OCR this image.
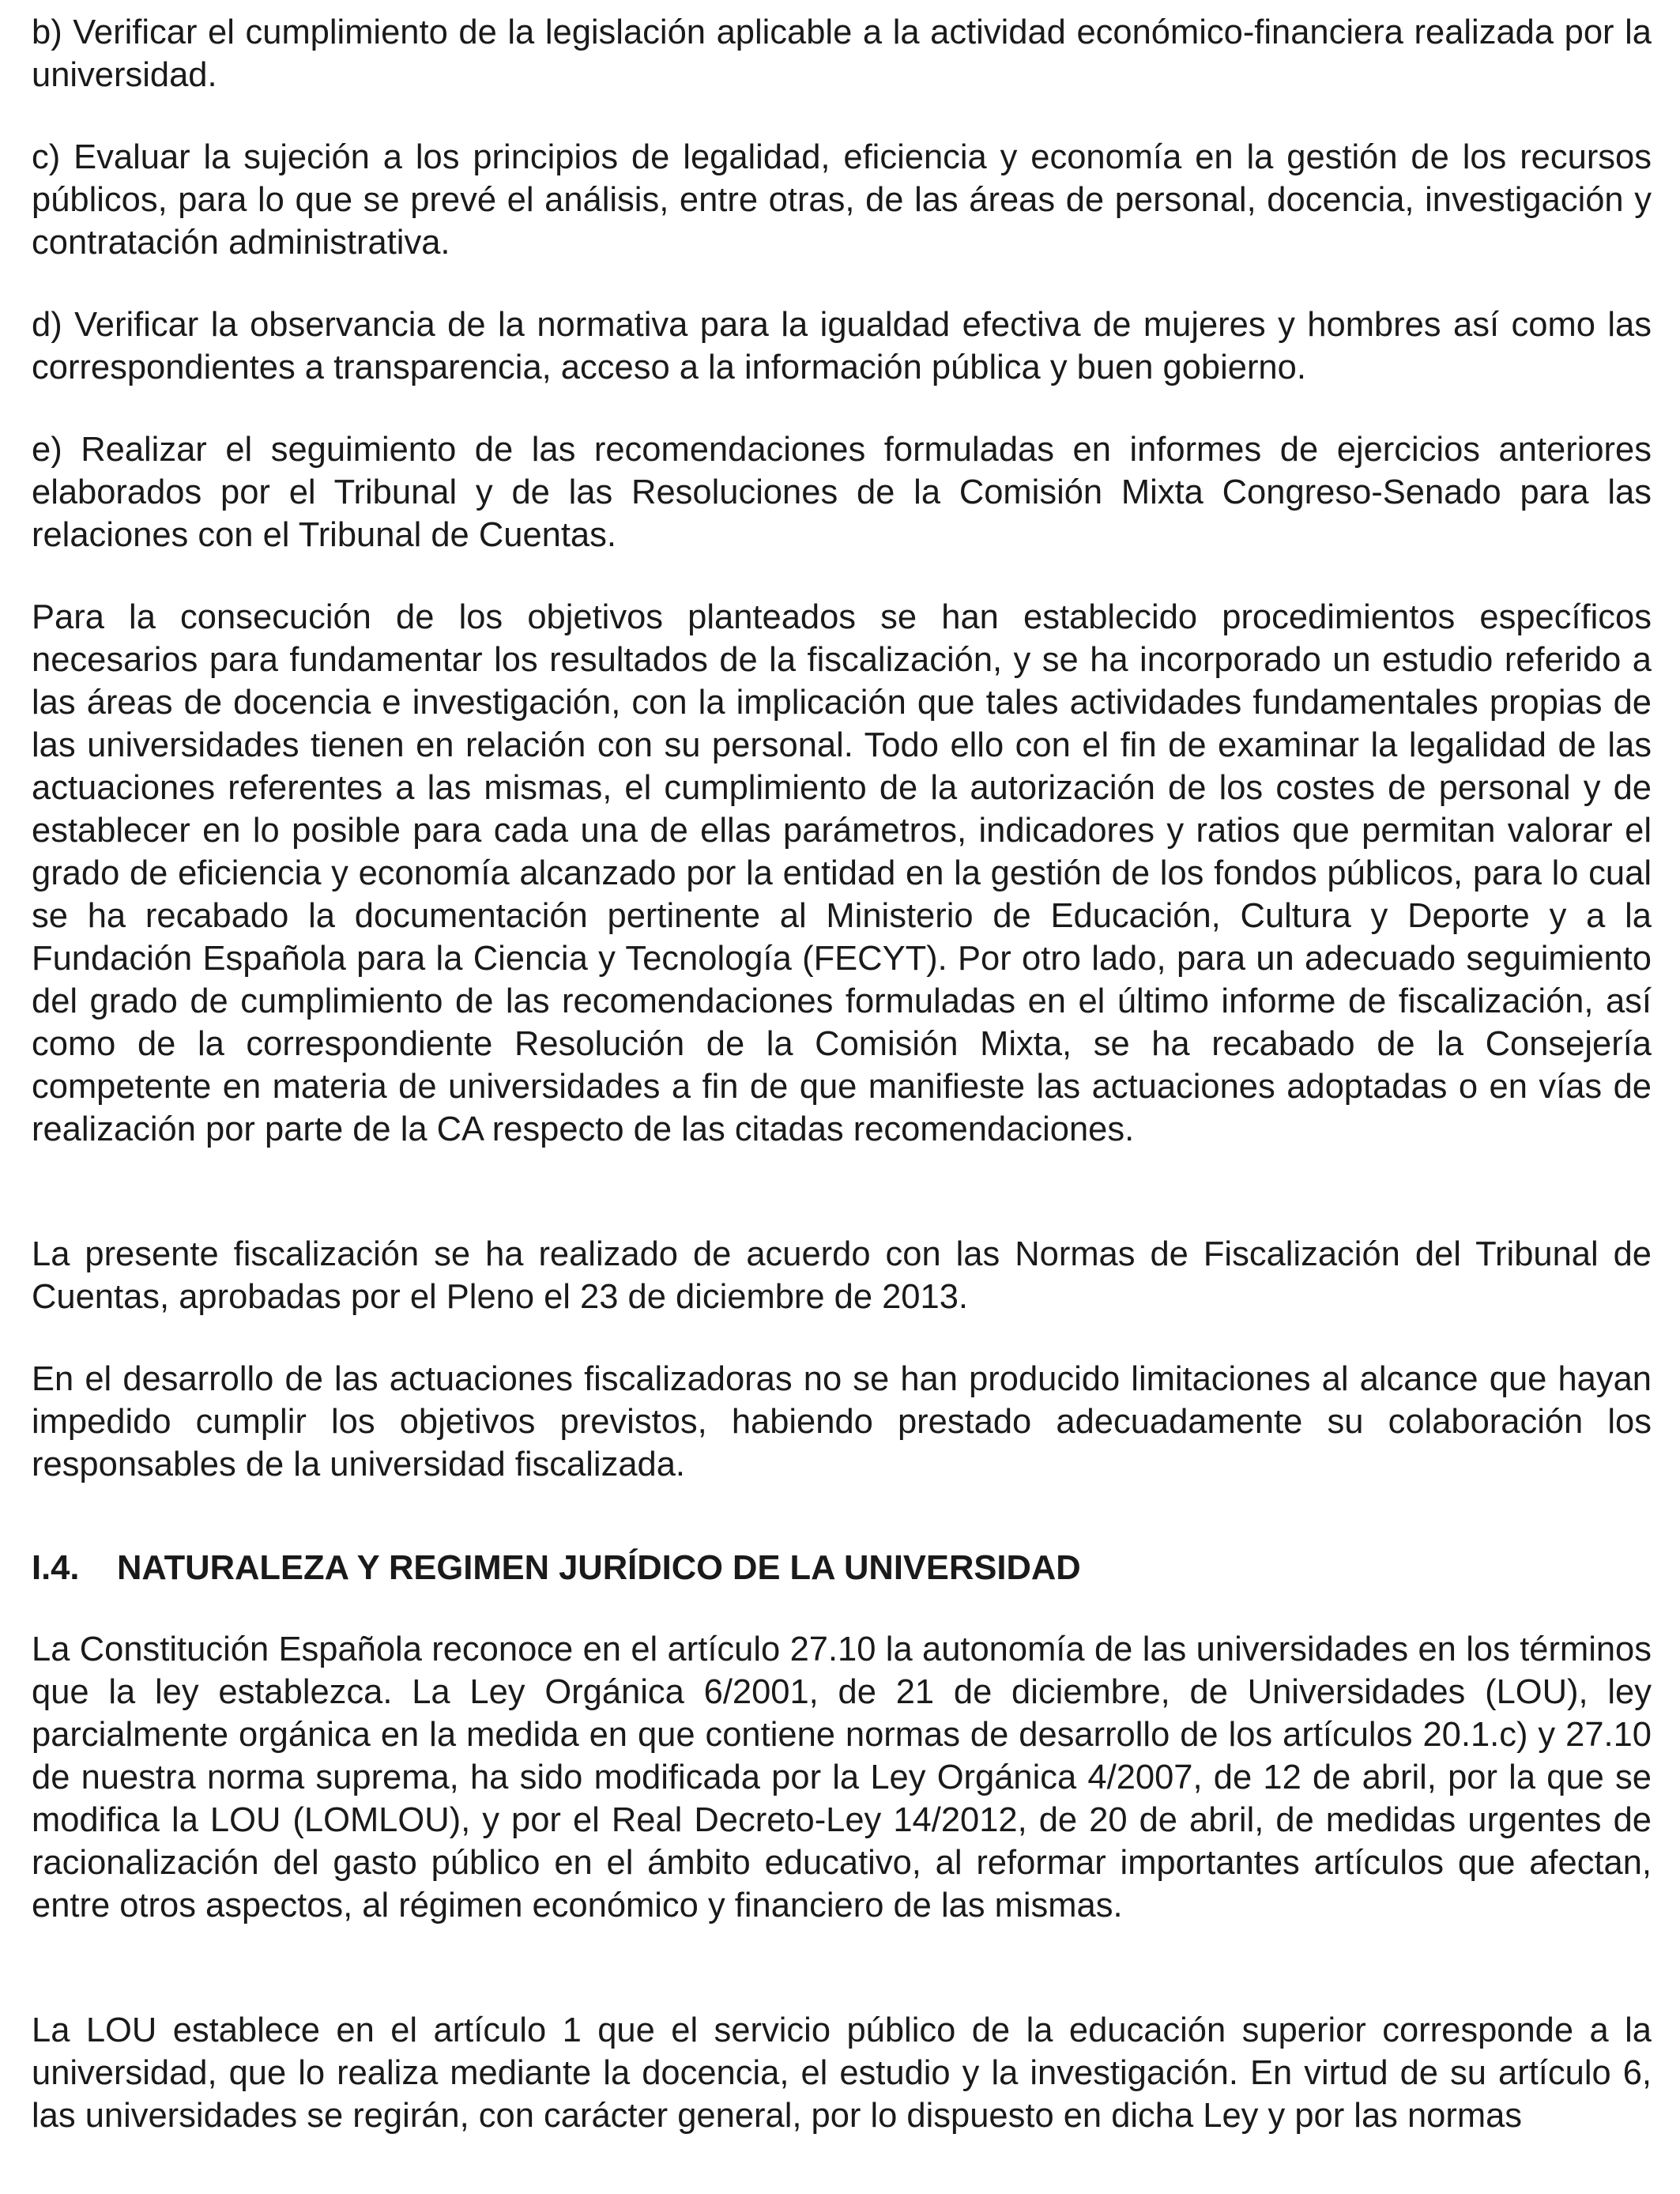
b) Verificar el cumplimiento de la legislación aplicable a la actividad económico-financiera realizada por la universidad.

c) Evaluar la sujeción a los principios de legalidad, eficiencia y economía en la gestión de los recursos públicos, para lo que se prevé el análisis, entre otras, de las áreas de personal, docencia, investigación y contratación administrativa.

d) Verificar la observancia de la normativa para la igualdad efectiva de mujeres y hombres así como las correspondientes a transparencia, acceso a la información pública y buen gobierno.

e) Realizar el seguimiento de las recomendaciones formuladas en informes de ejercicios anteriores elaborados por el Tribunal y de las Resoluciones de la Comisión Mixta Congreso-Senado para las relaciones con el Tribunal de Cuentas.

Para la consecución de los objetivos planteados se han establecido procedimientos específicos necesarios para fundamentar los resultados de la fiscalización, y se ha incorporado un estudio referido a las áreas de docencia e investigación, con la implicación que tales actividades fundamentales propias de las universidades tienen en relación con su personal. Todo ello con el fin de examinar la legalidad de las actuaciones referentes a las mismas, el cumplimiento de la autorización de los costes de personal y de establecer en lo posible para cada una de ellas parámetros, indicadores y ratios que permitan valorar el grado de eficiencia y economía alcanzado por la entidad en la gestión de los fondos públicos, para lo cual se ha recabado la documentación pertinente al Ministerio de Educación, Cultura y Deporte y a la Fundación Española para la Ciencia y Tecnología (FECYT). Por otro lado, para un adecuado seguimiento del grado de cumplimiento de las recomendaciones formuladas en el último informe de fiscalización, así como de la correspondiente Resolución de la Comisión Mixta, se ha recabado de la Consejería competente en materia de universidades a fin de que manifieste las actuaciones adoptadas o en vías de realización por parte de la CA respecto de las citadas recomendaciones.

La presente fiscalización se ha realizado de acuerdo con las Normas de Fiscalización del Tribunal de Cuentas, aprobadas por el Pleno el 23 de diciembre de 2013.

En el desarrollo de las actuaciones fiscalizadoras no se han producido limitaciones al alcance que hayan impedido cumplir los objetivos previstos, habiendo prestado adecuadamente su colaboración los responsables de la universidad fiscalizada.

I.4.	NATURALEZA Y REGIMEN JURÍDICO DE LA UNIVERSIDAD

La Constitución Española reconoce en el artículo 27.10 la autonomía de las universidades en los términos que la ley establezca. La Ley Orgánica 6/2001, de 21 de diciembre, de Universidades (LOU), ley parcialmente orgánica en la medida en que contiene normas de desarrollo de los artículos 20.1.c) y 27.10 de nuestra norma suprema, ha sido modificada por la Ley Orgánica 4/2007, de 12 de abril, por la que se modifica la LOU (LOMLOU), y por el Real Decreto-Ley 14/2012, de 20 de abril, de medidas urgentes de racionalización del gasto público en el ámbito educativo, al reformar importantes artículos que afectan, entre otros aspectos, al régimen económico y financiero de las mismas.

La LOU establece en el artículo 1 que el servicio público de la educación superior corresponde a la universidad, que lo realiza mediante la docencia, el estudio y la investigación. En virtud de su artículo 6, las universidades se regirán, con carácter general, por lo dispuesto en dicha Ley y por las normas
